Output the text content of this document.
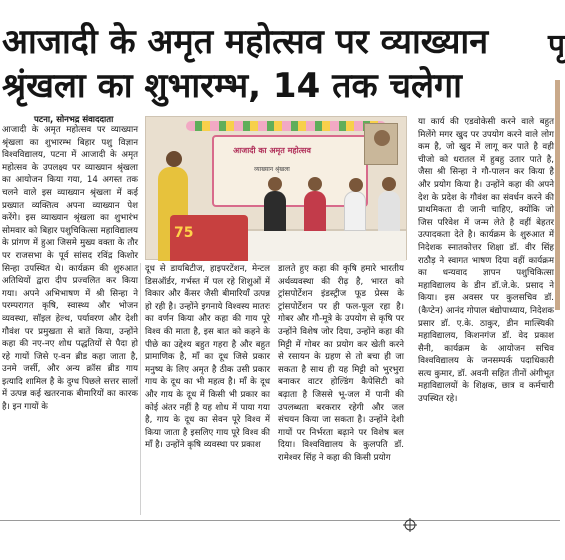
आजादी के अमृत महोत्सव पर व्याख्यान
श्रृंखला का शुभारम्भ, 14 तक चलेगा
पृ
पटना, सोनभद्र संवाददाता

आजादी के अमृत महोत्सव पर व्याख्यान श्रृंखला का शुभारम्भ बिहार पशु विज्ञान विश्वविद्यालय, पटना में आजादी के अमृत महोत्सव के उपलक्ष्य पर व्याख्यान श्रृंखला का आयोजन किया गया, 14 अगस्त तक चलने वाले इस व्याख्यान श्रृंखला में कई प्रख्यात व्यक्तित्व अपना व्याख्यान पेश करेंगे। इस व्याख्यान श्रृंखला का शुभारंभ सोमवार को बिहार पशुचिकित्सा महाविद्यालय के प्रांगण में हुआ जिसमे मुख्य वक्ता के तौर पर राजसभा के पूर्व सांसद रविंद्र किशोर सिन्हा उपस्थित थे। कार्यक्रम की शुरुआत अतिथियों द्वारा दीप प्रज्वलित कर किया गया। अपने अभिभाषण में श्री सिन्हा ने परम्परागत कृषि, स्वास्थ्य और भोजन व्यवस्था, सॉइल हेल्थ, पर्यावरण और देशी गौवंश पर प्रमुखता से बातें किया, उन्होंने कहा की नए-नए शोध पद्धतियों से पैदा हो रहे गायों जिसे ए-वन ब्रीड कहा जाता है, उनमे जर्सी, और अन्य क्रॉस ब्रीड गाय इत्यादि शामिल है के दुग्ध पिछले सत्तर सालों में उत्पन्न कई खतरनाक बीमारियों का कारक है। इन गायों के

आजादी का अमृत महोत्सव
व्याख्यान श्रृंखला
75

दूध से डायबिटीज, हाइपरटेंशन, मेन्टल डिसऑर्डर, गर्भस्त में पल रहे शिशुओं में विकार और कैंसर जैसी बीमारियाँ उत्पन्न हो रही है। उन्होंने इगनाये विश्वस्य मातरः का वर्णन किया और कहा की गाय पूरे विश्व की माता है, इस बात को कहने के पीछे का उद्देश्य बहुत गहरा है और बहुत प्रामाणिक है, माँ का दूध जिसे प्रकार मनुष्य के लिए अमृत है ठीक उसी प्रकार गाय के दूध का भी महत्व है। माँ के दूध और गाय के दूध में किसी भी प्रकार का कोई अंतर नहीं है यह शोध में पाया गया है, गाय के दूध का सेवन पूरे विश्व में किया जाता है इसलिए गाय पूरे विश्व की माँ है। उन्होंने कृषि व्यवस्था पर प्रकाश

डालते हुए कहा की कृषि हमारे भारतीय अर्थव्यवस्था की रीढ़ है, भारत को ट्रांसपोर्टेशन इंडस्ट्रीज फूड प्रेस्स के ट्रांसपोर्टेशन पर ही फल-फूल रहा है। गोबर और गौ-मूत्रे के उपयोग से कृषि पर उन्होंने विशेष जोर दिया, उन्होंने कहा की मिट्टी में गोबर का प्रयोग कर खेती करने से रसायन के ग्रहण से तो बचा ही जा सकता है साथ ही यह मिट्टी को भुरभुरा बनाकर वाटर होल्डिंग कैपेसिटी को बढ़ाता है जिससे भू-जल में पानी की उपलब्धता बरकरार रहेगी और जल संचयन किया जा सकता है। उन्होंने देशी गायों पर निर्भरता बढ़ाने पर विशेष बल दिया। विश्वविद्यालय के कुलपति डॉ. रामेश्वर सिंह ने कहा की किसी प्रयोग

या कार्य की एडवोकेसी करने वाले बहुत मिलेंगे मगर खुद पर उपयोग करने वाले लोग कम है, जो खुद में लागू कर पाते है वही चीजो को धरातल में हुबहु उतार पाते है, जैसा श्री सिन्हा ने गौ-पालन कर किया है और प्रयोग किया है। उन्होंने कहा की अपने देश के प्रदेश के गौवंश का संवर्धन करने की प्राथमिकता दी जानी चाहिए, क्योंकि जो जिस परिवेश में जन्म लेते है वहीं बेहतर उत्पादकता देते है। कार्यक्रम के शुरुआत में निदेशक स्नातकोत्तर शिक्षा डॉ. वीर सिंह राठौड़ ने स्वागत भाषण दिया वहीं कार्यक्रम का धन्यवाद ज्ञापन पशुचिकित्सा महाविद्यालय के डीन डॉ.जे.के. प्रसाद ने किया। इस अवसर पर कुलसचिव डॉ. (कैप्टेन) आनंद गोपाल बंद्योपाध्याय, निदेशक प्रसार डॉ. ए.के. ठाकुर, डीन मात्स्यिकी महाविद्यालय, किशनगंज डॉ. वेद प्रकाश सैनी, कार्यक्रम के आयोजन सचिव विश्वविद्यालय के जनसम्पर्क पदाधिकारी सत्य कुमार, डॉ. अवनी सहित तीनों अंगीभूत महाविद्यालयों के शिक्षक, छात्र व कर्मचारी उपस्थित रहे।
